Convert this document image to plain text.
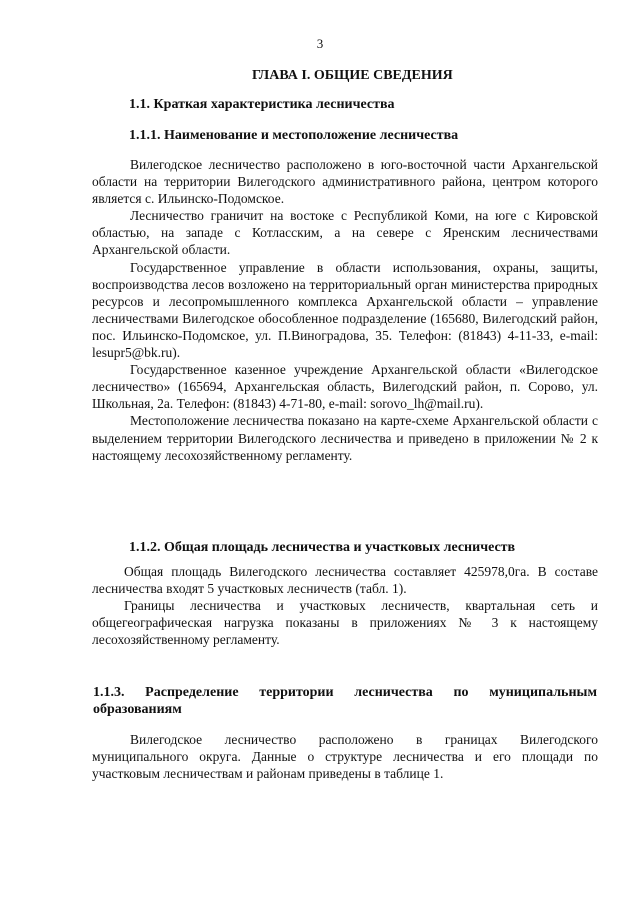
3
ГЛАВА I. ОБЩИЕ СВЕДЕНИЯ
1.1. Краткая характеристика лесничества
1.1.1. Наименование и местоположение лесничества

Вилегодское лесничество расположено в юго-восточной части Архангельской области на территории Вилегодского административного района, центром которого является с. Ильинско-Подомское.

Лесничество граничит на востоке с Республикой Коми, на юге с Кировской областью, на западе с Котласским, а на севере с Яренским лесничествами Архангельской области.

Государственное управление в области использования, охраны, защиты, воспроизводства лесов возложено на территориальный орган министерства природных ресурсов и лесопромышленного комплекса Архангельской области – управление лесничествами Вилегодское обособленное подразделение (165680, Вилегодский район, пос. Ильинско-Подомское, ул. П.Виноградова, 35. Телефон: (81843) 4-11-33, e-mail: lesupr5@bk.ru).

Государственное казенное учреждение Архангельской области «Вилегодское лесничество» (165694, Архангельская область, Вилегодский район, п. Сорово, ул. Школьная, 2а. Телефон: (81843) 4-71-80, e-mail: sorovo_lh@mail.ru).

Местоположение лесничества показано на карте-схеме Архангельской области с выделением территории Вилегодского лесничества и приведено в приложении № 2 к настоящему лесохозяйственному регламенту.

1.1.2. Общая площадь лесничества и участковых лесничеств

Общая площадь Вилегодского лесничества составляет 425978,0га. В составе лесничества входят 5 участковых лесничеств (табл. 1).

Границы лесничества и участковых лесничеств, квартальная сеть и общегеографическая нагрузка показаны в приложениях № 3 к настоящему лесохозяйственному регламенту.

1.1.3. Распределение территории лесничества по муниципальным образованиям

Вилегодское лесничество расположено в границах Вилегодского муниципального округа. Данные о структуре лесничества и его площади по участковым лесничествам и районам приведены в таблице 1.
